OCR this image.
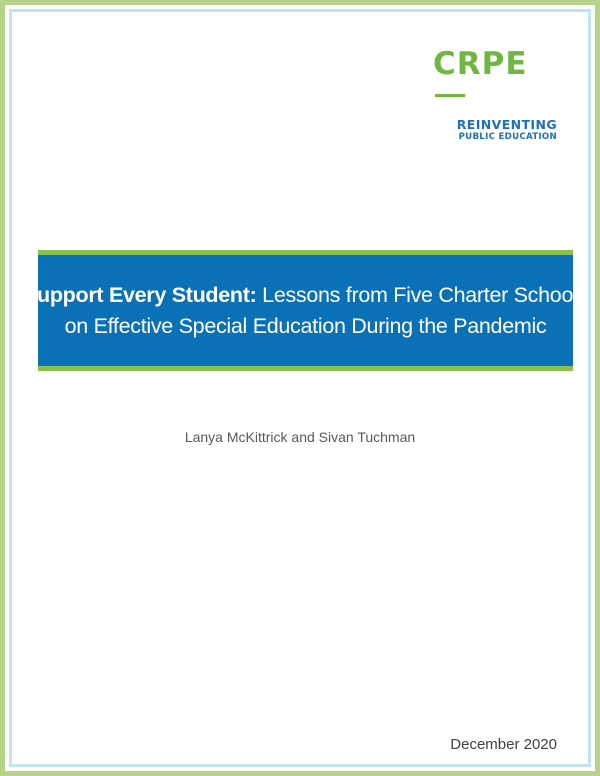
CRPE
REINVENTING
PUBLIC EDUCATION
Support Every Student: Lessons from Five Charter Schools
on Effective Special Education During the Pandemic
Lanya McKittrick and Sivan Tuchman
December 2020
